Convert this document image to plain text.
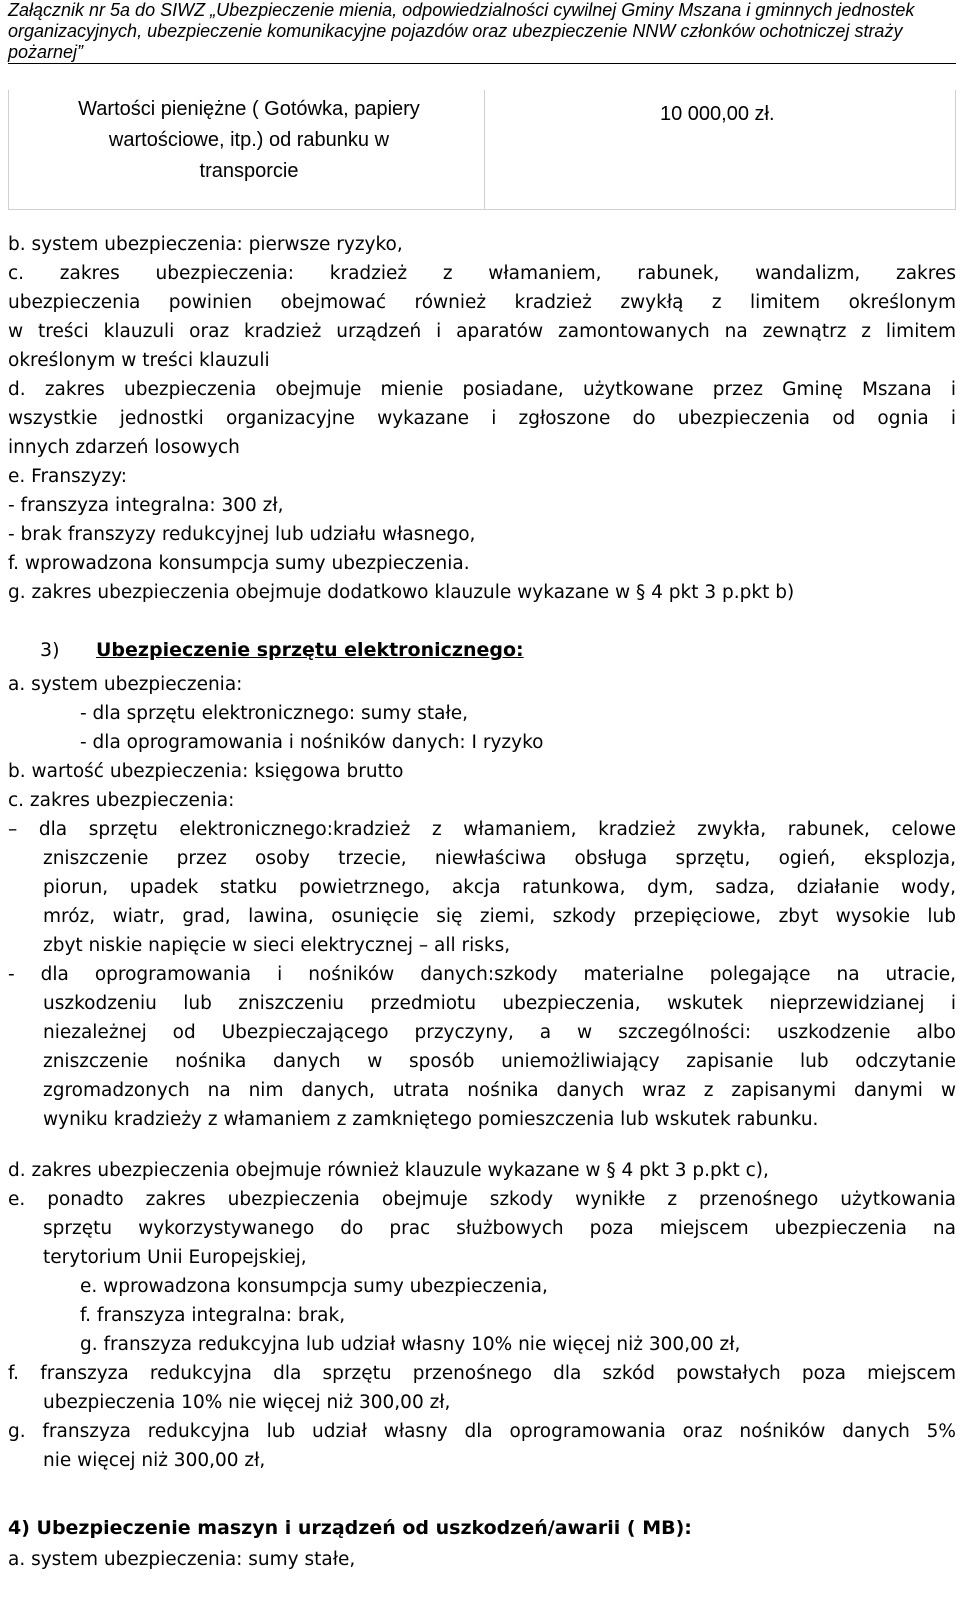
Załącznik nr 5a do SIWZ „Ubezpieczenie mienia, odpowiedzialności cywilnej Gminy Mszana i gminnych jednostek organizacyjnych, ubezpieczenie komunikacyjne pojazdów oraz ubezpieczenie NNW członków ochotniczej straży pożarnej”
Wartości pieniężne ( Gotówka, papiery
wartościowe, itp.) od rabunku w
transporcie
10 000,00 zł.
b. system ubezpieczenia: pierwsze ryzyko,
c. zakres ubezpieczenia: kradzież z włamaniem, rabunek, wandalizm, zakres
ubezpieczenia powinien obejmować również kradzież zwykłą z limitem określonym
w treści klauzuli oraz kradzież urządzeń i aparatów zamontowanych na zewnątrz z limitem
określonym w treści klauzuli
d. zakres ubezpieczenia obejmuje mienie posiadane, użytkowane przez Gminę Mszana i
wszystkie jednostki organizacyjne wykazane i zgłoszone do ubezpieczenia od ognia i
innych zdarzeń losowych
e. Franszyzy:
- franszyza integralna: 300 zł,
- brak franszyzy redukcyjnej lub udziału własnego,
f. wprowadzona konsumpcja sumy ubezpieczenia.
g. zakres ubezpieczenia obejmuje dodatkowo klauzule wykazane w § 4 pkt 3 p.pkt b)
3) Ubezpieczenie sprzętu elektronicznego:
a. system ubezpieczenia:
- dla sprzętu elektronicznego: sumy stałe,
- dla oprogramowania i nośników danych: I ryzyko
b. wartość ubezpieczenia: księgowa brutto
c. zakres ubezpieczenia:
– dla sprzętu elektronicznego:kradzież z włamaniem, kradzież zwykła, rabunek, celowe
zniszczenie przez osoby trzecie, niewłaściwa obsługa sprzętu, ogień, eksplozja,
piorun, upadek statku powietrznego, akcja ratunkowa, dym, sadza, działanie wody,
mróz, wiatr, grad, lawina, osunięcie się ziemi, szkody przepięciowe, zbyt wysokie lub
zbyt niskie napięcie w sieci elektrycznej – all risks,
- dla oprogramowania i nośników danych:szkody materialne polegające na utracie,
uszkodzeniu lub zniszczeniu przedmiotu ubezpieczenia, wskutek nieprzewidzianej i
niezależnej od Ubezpieczającego przyczyny, a w szczególności: uszkodzenie albo
zniszczenie nośnika danych w sposób uniemożliwiający zapisanie lub odczytanie
zgromadzonych na nim danych, utrata nośnika danych wraz z zapisanymi danymi w
wyniku kradzieży z włamaniem z zamkniętego pomieszczenia lub wskutek rabunku.
d. zakres ubezpieczenia obejmuje również klauzule wykazane w § 4 pkt 3 p.pkt c),
e. ponadto zakres ubezpieczenia obejmuje szkody wynikłe z przenośnego użytkowania
sprzętu wykorzystywanego do prac służbowych poza miejscem ubezpieczenia na
terytorium Unii Europejskiej,
e. wprowadzona konsumpcja sumy ubezpieczenia,
f. franszyza integralna: brak,
g. franszyza redukcyjna lub udział własny 10% nie więcej niż 300,00 zł,
f. franszyza redukcyjna dla sprzętu przenośnego dla szkód powstałych poza miejscem
ubezpieczenia 10% nie więcej niż 300,00 zł,
g. franszyza redukcyjna lub udział własny dla oprogramowania oraz nośników danych 5%
nie więcej niż 300,00 zł,
4) Ubezpieczenie maszyn i urządzeń od uszkodzeń/awarii ( MB):
a. system ubezpieczenia: sumy stałe,
